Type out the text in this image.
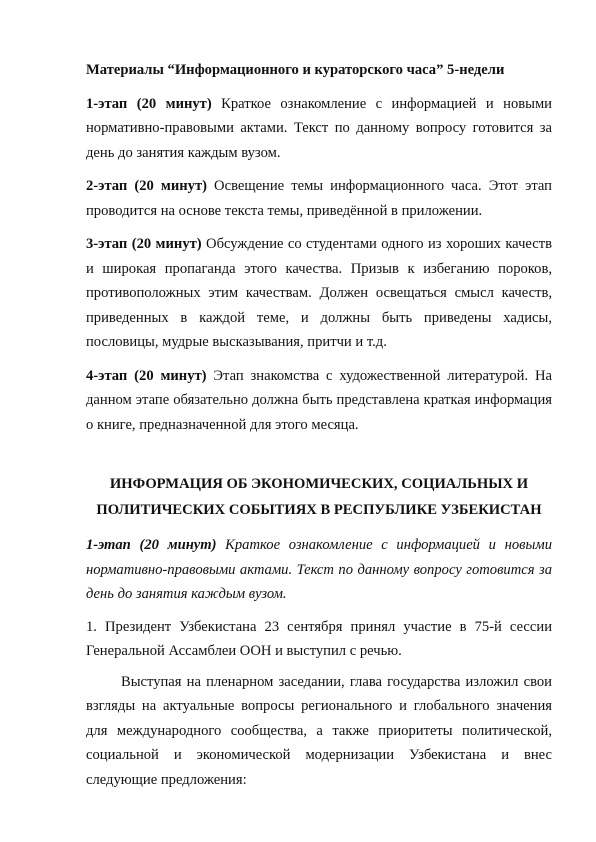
Материалы “Информационного и кураторского часа” 5-недели

1-этап (20 минут) Краткое ознакомление с информацией и новыми нормативно-правовыми актами. Текст по данному вопросу готовится за день до занятия каждым вузом.

2-этап (20 минут) Освещение темы информационного часа. Этот этап проводится на основе текста темы, приведённой в приложении.

3-этап (20 минут) Обсуждение со студентами одного из хороших качеств и широкая пропаганда этого качества. Призыв к избеганию пороков, противоположных этим качествам. Должен освещаться смысл качеств, приведенных в каждой теме, и должны быть приведены хадисы, пословицы, мудрые высказывания, притчи и т.д.

4-этап (20 минут) Этап знакомства с художественной литературой. На данном этапе обязательно должна быть представлена краткая информация о книге, предназначенной для этого месяца.

ИНФОРМАЦИЯ ОБ ЭКОНОМИЧЕСКИХ, СОЦИАЛЬНЫХ И
ПОЛИТИЧЕСКИХ СОБЫТИЯХ В РЕСПУБЛИКЕ УЗБЕКИСТАН

1-этап (20 минут) Краткое ознакомление с информацией и новыми нормативно-правовыми актами. Текст по данному вопросу готовится за день до занятия каждым вузом.

1. Президент Узбекистана 23 сентября принял участие в 75-й сессии Генеральной Ассамблеи ООН и выступил с речью.

Выступая на пленарном заседании, глава государства изложил свои взгляды на актуальные вопросы регионального и глобального значения для международного сообщества, а также приоритеты политической, социальной и экономической модернизации Узбекистана и внес следующие предложения:
